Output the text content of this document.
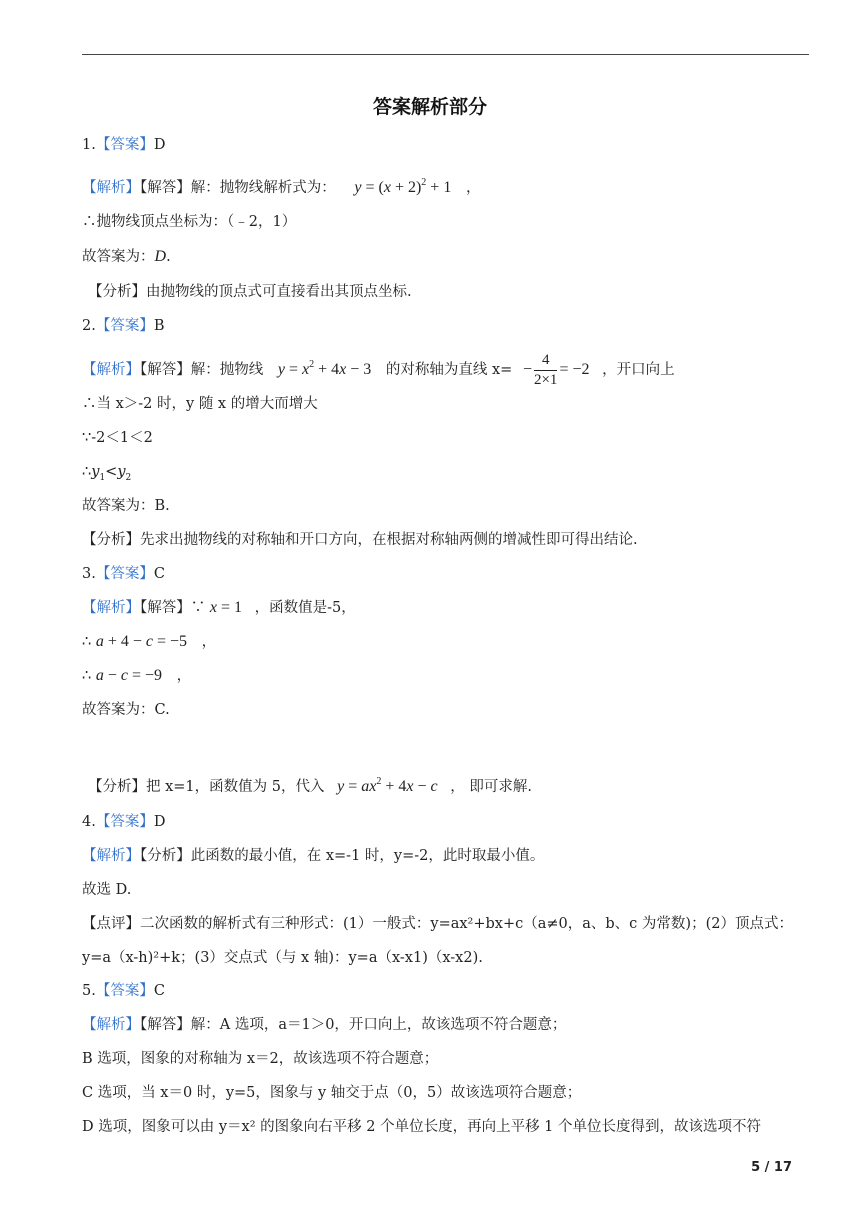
答案解析部分
1.【答案】D
【解析】【解答】解：抛物线解析式为： $y = (x + 2)^2 + 1$ ，
∴抛物线顶点坐标为：（﹣2，1）
故答案为：D.
【分析】由抛物线的顶点式可直接看出其顶点坐标.
2.【答案】B
【解析】【解答】解：抛物线 $y = x^2 + 4x - 3$ 的对称轴为直线 $x= - \frac{4}{2\times 1} = -2$ ，开口向上
∴当 x＞-2 时，y 随 x 的增大而增大
∵-2＜1＜2
$\therefore y_1<y_2$
故答案为：B.
【分析】先求出抛物线的对称轴和开口方向，在根据对称轴两侧的增减性即可得出结论.
3.【答案】C
【解析】【解答】∵ x = 1 ，函数值是-5，
∴ a + 4 − c = −5 ，
∴ a − c = −9 ，
故答案为：C.
【分析】把 x=1，函数值为 5，代入 $y = ax^2 + 4x - c$ ， 即可求解.
4.【答案】D
【解析】【分析】此函数的最小值，在 x=-1 时，y=-2，此时取最小值。
故选 D.
【点评】二次函数的解析式有三种形式：(1）一般式：y=ax²+bx+c（a≠0，a、b、c 为常数)；(2）顶点式：
y=a（x-h)²+k；(3）交点式（与 x 轴)：y=a（x-x1)（x-x2).
5.【答案】C
【解析】【解答】解：A 选项，a＝1＞0，开口向上，故该选项不符合题意；
B 选项，图象的对称轴为 x＝2，故该选项不符合题意；
C 选项，当 x＝0 时，y=5，图象与 y 轴交于点（0，5）故该选项符合题意；
D 选项，图象可以由 y＝x² 的图象向右平移 2 个单位长度，再向上平移 1 个单位长度得到，故该选项不符
5 / 17
